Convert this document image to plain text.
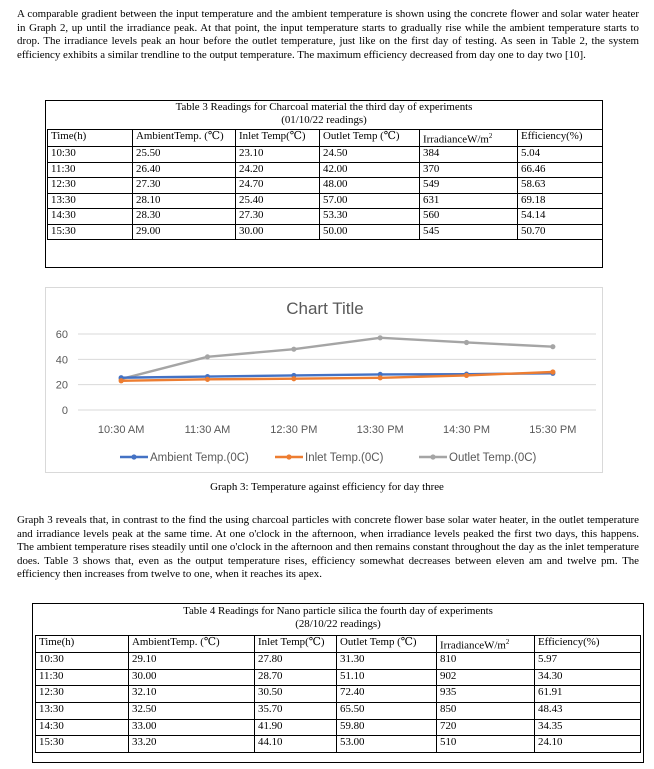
A comparable gradient between the input temperature and the ambient temperature is shown using the concrete flower and solar water heater in Graph 2, up until the irradiance peak. At that point, the input temperature starts to gradually rise while the ambient temperature starts to drop. The irradiance levels peak an hour before the outlet temperature, just like on the first day of testing. As seen in Table 2, the system efficiency exhibits a similar trendline to the output temperature. The maximum efficiency decreased from day one to day two [10].

Table 3 Readings for Charcoal material the third day of experiments
(01/10/22 readings)
Time(h)	AmbientTemp. (℃)	Inlet Temp(℃)	Outlet Temp (℃)	IrradianceW/$m^2$	Efficiency(%)
10:30	25.50	23.10	24.50	384	5.04
11:30	26.40	24.20	42.00	370	66.46
12:30	27.30	24.70	48.00	549	58.63
13:30	28.10	25.40	57.00	631	69.18
14:30	28.30	27.30	53.30	560	54.14
15:30	29.00	30.00	50.00	545	50.70
Chart Title
0
20
40
60
10:30 AM	11:30 AM	12:30 PM	13:30 PM	14:30 PM	15:30 PM
Ambient Temp.(0C)	Inlet Temp.(0C)	Outlet Temp.(0C)
Graph 3: Temperature against efficiency for day three

Graph 3 reveals that, in contrast to the find the using charcoal particles with concrete flower base solar water heater, in the outlet temperature and irradiance levels peak at the same time. At one o'clock in the afternoon, when irradiance levels peaked the first two days, this happens. The ambient temperature rises steadily until one o'clock in the afternoon and then remains constant throughout the day as the inlet temperature does. Table 3 shows that, even as the output temperature rises, efficiency somewhat decreases between eleven am and twelve pm. The efficiency then increases from twelve to one, when it reaches its apex.

Table 4 Readings for Nano particle silica the fourth day of experiments
(28/10/22 readings)
Time(h)	AmbientTemp. (℃)	Inlet Temp(℃)	Outlet Temp (℃)	IrradianceW/$m^2$	Efficiency(%)
10:30	29.10	27.80	31.30	810	5.97
11:30	30.00	28.70	51.10	902	34.30
12:30	32.10	30.50	72.40	935	61.91
13:30	32.50	35.70	65.50	850	48.43
14:30	33.00	41.90	59.80	720	34.35
15:30	33.20	44.10	53.00	510	24.10
